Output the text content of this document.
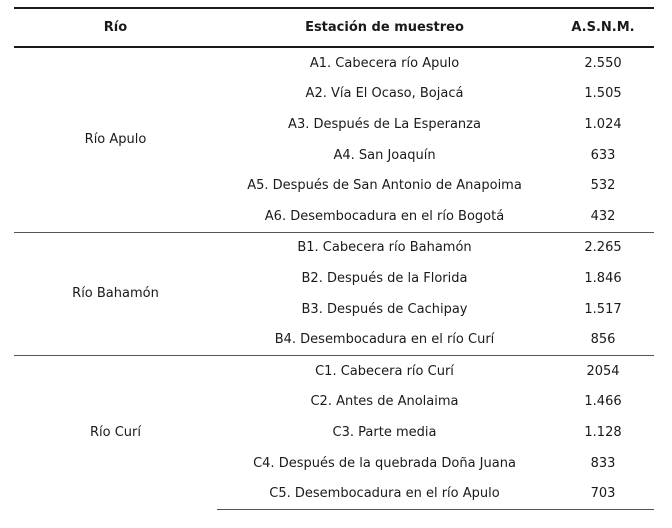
Río	Estación de muestreo	A.S.N.M.
Río Apulo	A1. Cabecera río Apulo	2.550
	A2. Vía El Ocaso, Bojacá	1.505
	A3. Después de La Esperanza	1.024
	A4. San Joaquín	633
	A5. Después de San Antonio de Anapoima	532
	A6. Desembocadura en el río Bogotá	432
Río Bahamón	B1. Cabecera río Bahamón	2.265
	B2. Después de la Florida	1.846
	B3. Después de Cachipay	1.517
	B4. Desembocadura en el río Curí	856
Río Curí	C1. Cabecera río Curí	2054
	C2. Antes de Anolaima	1.466
	C3. Parte media	1.128
	C4. Después de la quebrada Doña Juana	833
	C5. Desembocadura en el río Apulo	703
